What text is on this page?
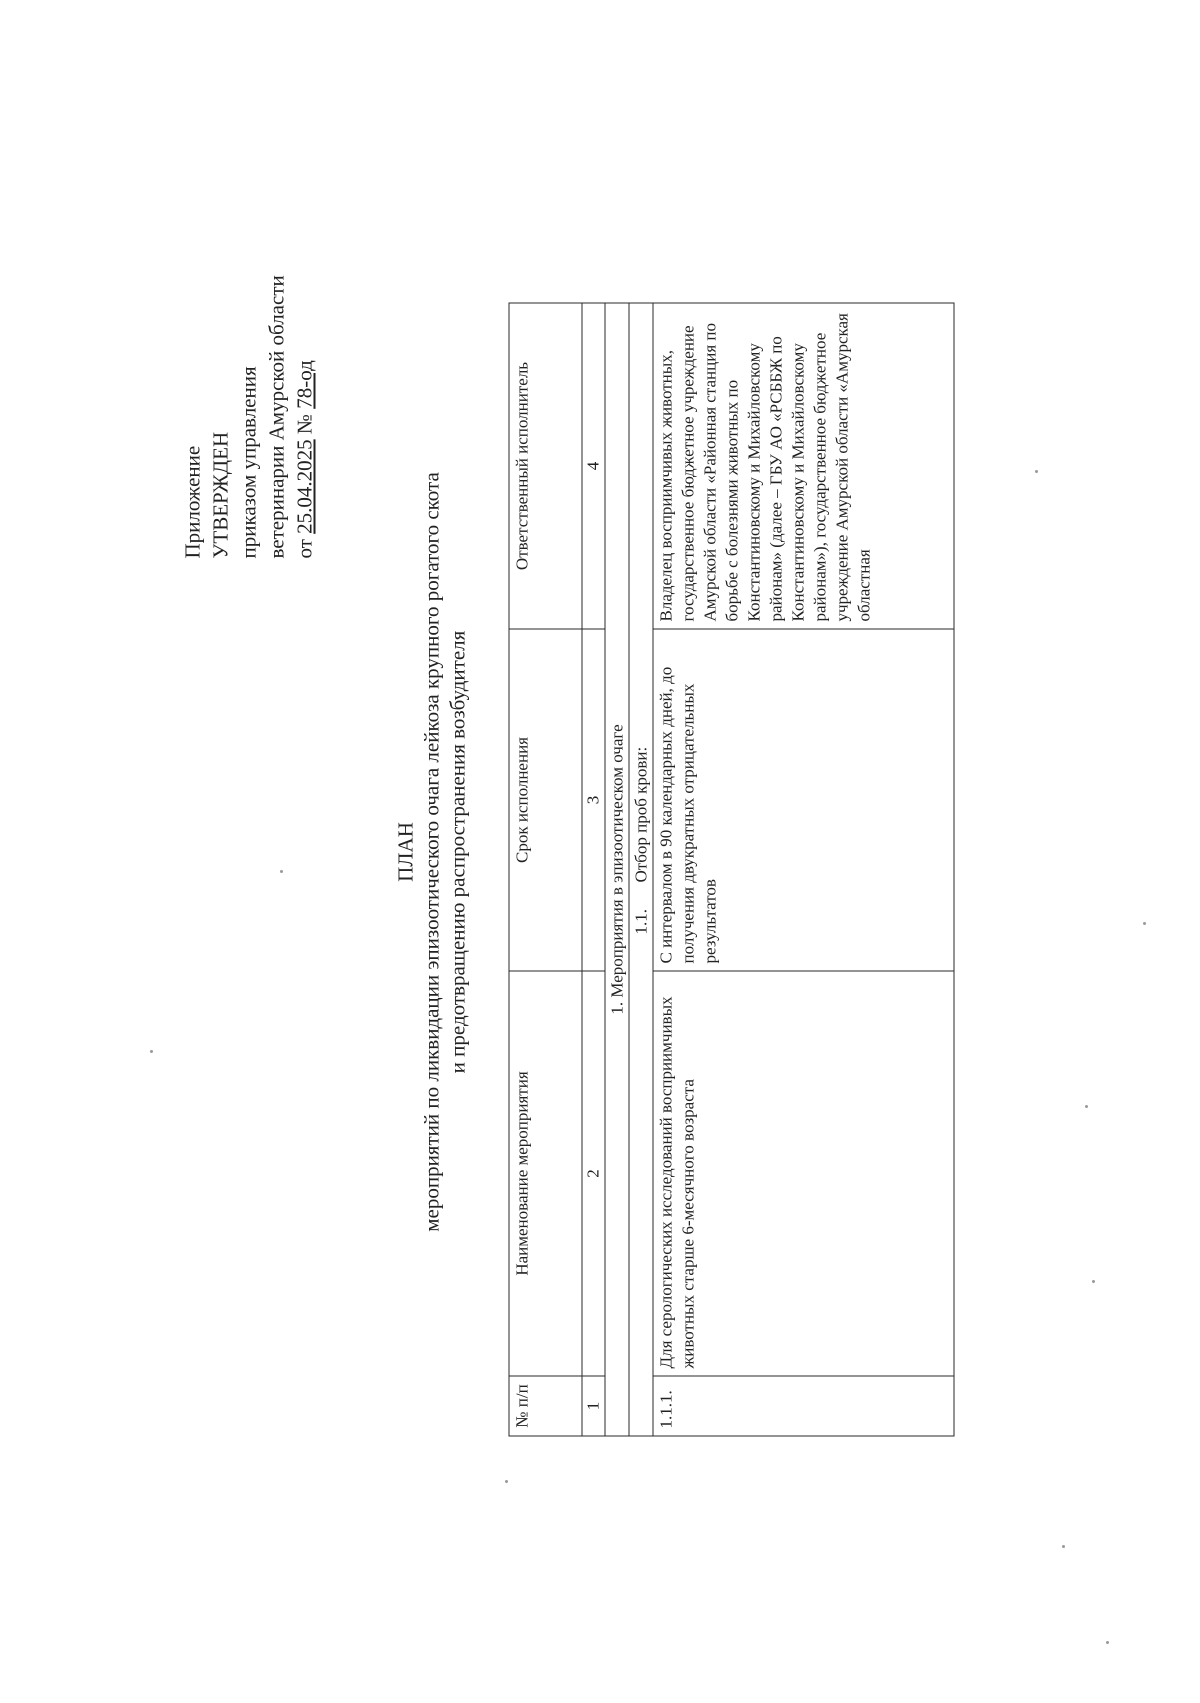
Приложение УТВЕРЖДЕН приказом управления ветеринарии Амурской области от 25.04.2025 № 78-од
ПЛАН мероприятий по ликвидации эпизоотического очага лейкоза крупного рогатого скота и предотвращению распространения возбудителя
№ п/п	Наименование мероприятия	Срок исполнения	Ответственный исполнитель
1	2	3	4
1. Мероприятия в эпизоотическом очаге			
1.1.Отбор проб крови:			
1.1.1.	Для серологических исследований восприимчивых животных старше 6-месячного возраста	С интервалом в 90 календарных дней, до получения двукратных отрицательных результатов	Владелец восприимчивых животных, государственное бюджетное учреждение Амурской области «Районная станция по борьбе с болезнями животных по Константиновскому и Михайловскому районам» (далее – ГБУ АО «РСББЖ по Константиновскому и Михайловскому районам»), государственное бюджетное учреждение Амурской области «Амурская областная
